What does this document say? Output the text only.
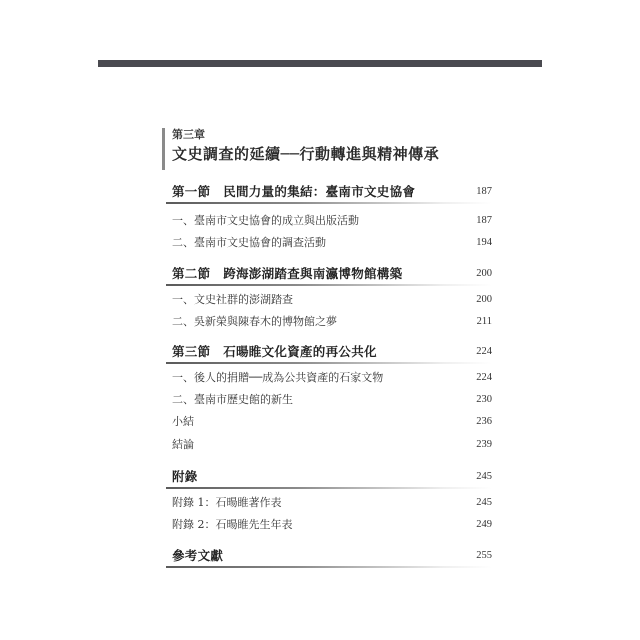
第三章
文史調查的延續──行動轉進與精神傳承
第一節　民間力量的集結：臺南市文史協會	187
一、臺南市文史協會的成立與出版活動	187
二、臺南市文史協會的調查活動	194
第二節　跨海澎湖踏查與南瀛博物館構築	200
一、文史社群的澎湖踏查	200
二、吳新榮與陳春木的博物館之夢	211
第三節　石暘睢文化資產的再公共化	224
一、後人的捐贈──成為公共資產的石家文物	224
二、臺南市歷史館的新生	230
小結	236
結論	239
附錄	245
附錄 1：石暘睢著作表	245
附錄 2：石暘睢先生年表	249
參考文獻	255
